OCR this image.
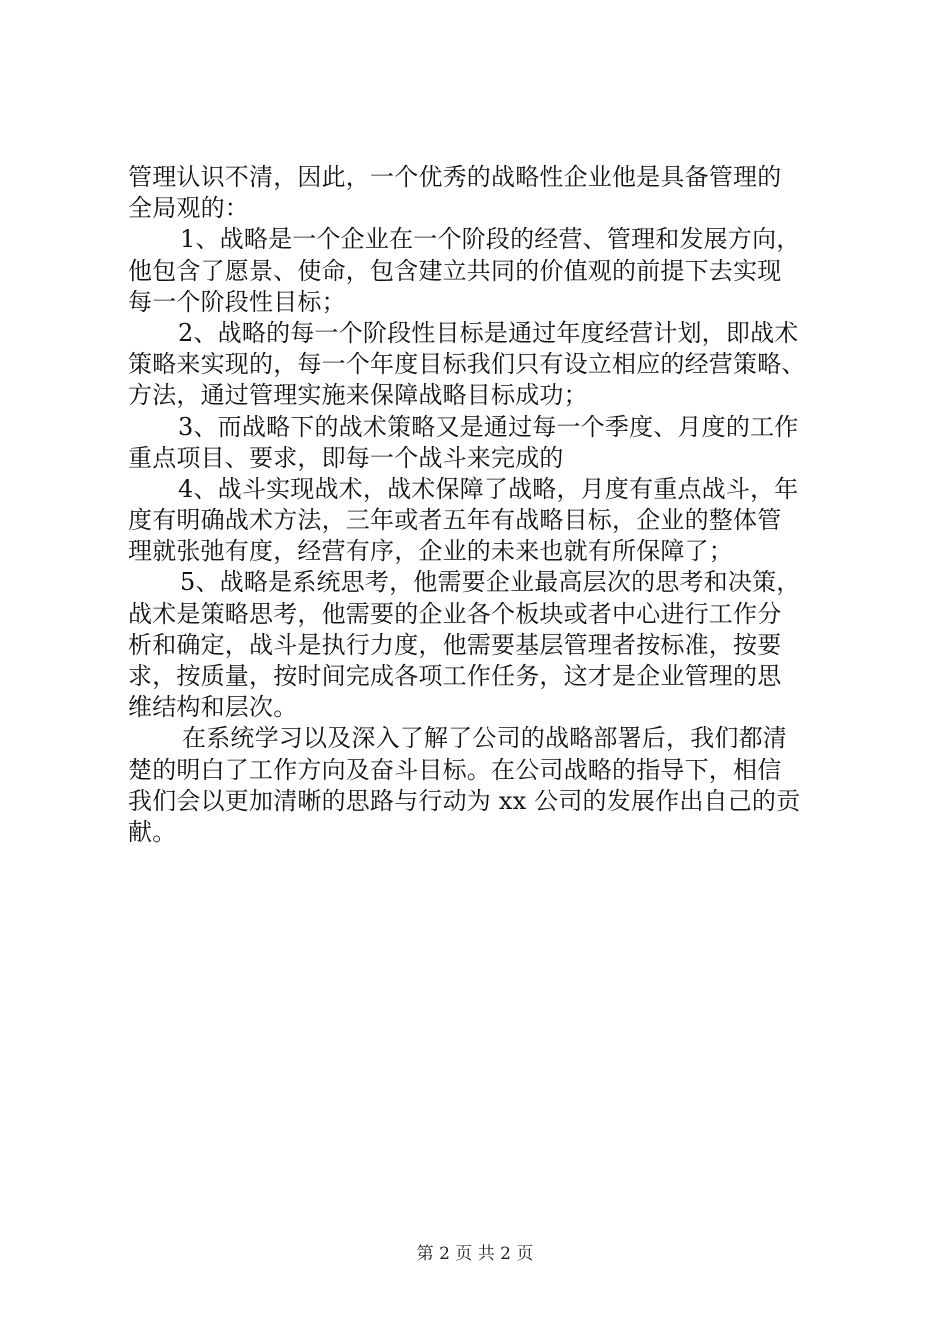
管理认识不清，因此，一个优秀的战略性企业他是具备管理的
全局观的：
1、战略是一个企业在一个阶段的经营、管理和发展方向，
他包含了愿景、使命，包含建立共同的价值观的前提下去实现
每一个阶段性目标；
2、战略的每一个阶段性目标是通过年度经营计划，即战术
策略来实现的，每一个年度目标我们只有设立相应的经营策略、
方法，通过管理实施来保障战略目标成功；
3、而战略下的战术策略又是通过每一个季度、月度的工作
重点项目、要求，即每一个战斗来完成的
4、战斗实现战术，战术保障了战略，月度有重点战斗，年
度有明确战术方法，三年或者五年有战略目标，企业的整体管
理就张弛有度，经营有序，企业的未来也就有所保障了；
5、战略是系统思考，他需要企业最高层次的思考和决策，
战术是策略思考，他需要的企业各个板块或者中心进行工作分
析和确定，战斗是执行力度，他需要基层管理者按标准，按要
求，按质量，按时间完成各项工作任务，这才是企业管理的思
维结构和层次。
在系统学习以及深入了解了公司的战略部署后，我们都清
楚的明白了工作方向及奋斗目标。在公司战略的指导下，相信
我们会以更加清晰的思路与行动为 xx 公司的发展作出自己的贡
献。
第 2 页 共 2 页
